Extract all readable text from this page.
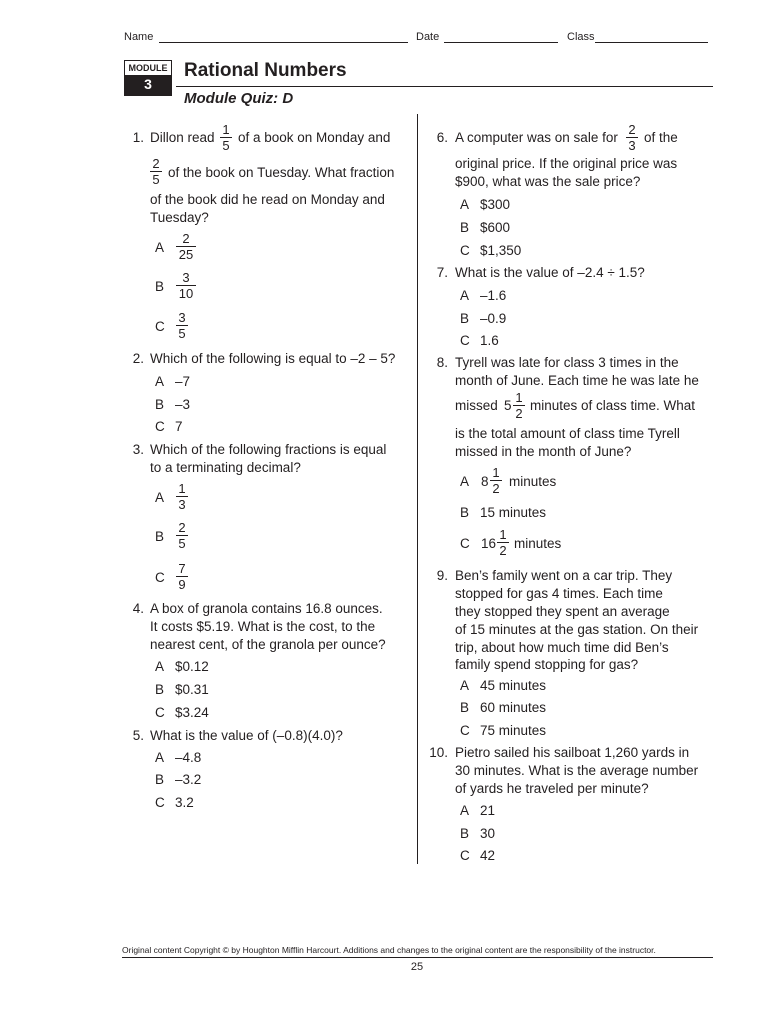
Name	Date	Class
MODULE
3
Rational Numbers
Module Quiz: D
1. Dillon read $\frac{1}{5}$ of a book on Monday and
$\frac{2}{5}$ of the book on Tuesday. What fraction
of the book did he read on Monday and
Tuesday?
A $\frac{2}{25}$
B $\frac{3}{10}$
C $\frac{3}{5}$
2. Which of the following is equal to –2 – 5?
A –7
B –3
C 7
3. Which of the following fractions is equal
to a terminating decimal?
A $\frac{1}{3}$
B $\frac{2}{5}$
C $\frac{7}{9}$
4. A box of granola contains 16.8 ounces.
It costs $5.19. What is the cost, to the
nearest cent, of the granola per ounce?
A $0.12
B $0.31
C $3.24
5. What is the value of (–0.8)(4.0)?
A –4.8
B –3.2
C 3.2
6. A computer was on sale for $\frac{2}{3}$ of the
original price. If the original price was
$900, what was the sale price?
A $300
B $600
C $1,350
7. What is the value of –2.4 ÷ 1.5?
A –1.6
B –0.9
C 1.6
8. Tyrell was late for class 3 times in the
month of June. Each time he was late he
missed $5 \frac{1}{2}$ minutes of class time. What
is the total amount of class time Tyrell
missed in the month of June?
A $8 \frac{1}{2}$ minutes
B 15 minutes
C $16 \frac{1}{2}$ minutes
9. Ben’s family went on a car trip. They
stopped for gas 4 times. Each time
they stopped they spent an average
of 15 minutes at the gas station. On their
trip, about how much time did Ben’s
family spend stopping for gas?
A 45 minutes
B 60 minutes
C 75 minutes
10. Pietro sailed his sailboat 1,260 yards in
30 minutes. What is the average number
of yards he traveled per minute?
A 21
B 30
C 42
Original content Copyright © by Houghton Mifflin Harcourt. Additions and changes to the original content are the responsibility of the instructor.
25
